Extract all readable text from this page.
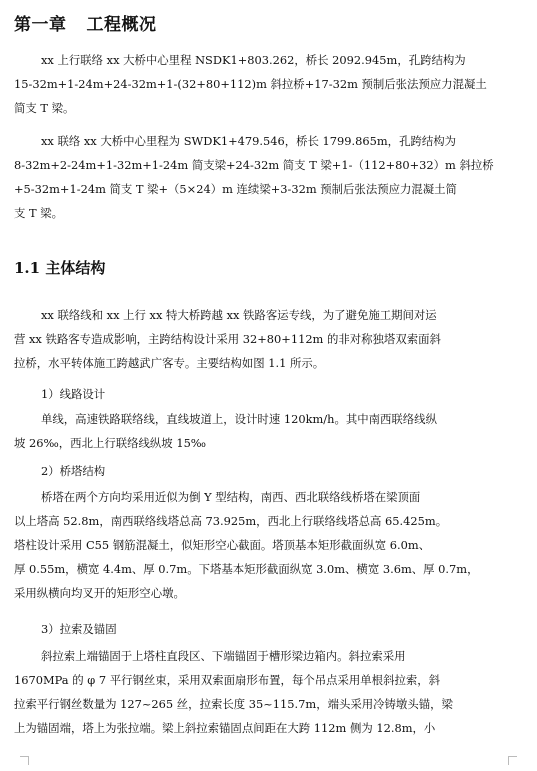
第一章 工程概况
xx 上行联络 xx 大桥中心里程 NSDK1+803.262，桥长 2092.945m，孔跨结构为
15-32m+1-24m+24-32m+1-(32+80+112)m 斜拉桥+17-32m 预制后张法预应力混凝土
简支 T 梁。
xx 联络 xx 大桥中心里程为 SWDK1+479.546，桥长 1799.865m，孔跨结构为
8-32m+2-24m+1-32m+1-24m 简支梁+24-32m 简支 T 梁+1-（112+80+32）m 斜拉桥
+5-32m+1-24m 简支 T 梁+（5×24）m 连续梁+3-32m 预制后张法预应力混凝土简
支 T 梁。
1.1 主体结构
xx 联络线和 xx 上行 xx 特大桥跨越 xx 铁路客运专线，为了避免施工期间对运
营 xx 铁路客专造成影响，主跨结构设计采用 32+80+112m 的非对称独塔双索面斜
拉桥，水平转体施工跨越武广客专。主要结构如图 1.1 所示。
1）线路设计
单线，高速铁路联络线，直线坡道上，设计时速 120km/h。其中南西联络线纵
坡 26‰，西北上行联络线纵坡 15‰
2）桥塔结构
桥塔在两个方向均采用近似为倒 Y 型结构，南西、西北联络线桥塔在梁顶面
以上塔高 52.8m，南西联络线塔总高 73.925m，西北上行联络线塔总高 65.425m。
塔柱设计采用 C55 钢筋混凝土，似矩形空心截面。塔顶基本矩形截面纵宽 6.0m、
厚 0.55m，横宽 4.4m、厚 0.7m。下塔基本矩形截面纵宽 3.0m、横宽 3.6m、厚 0.7m，
采用纵横向均叉开的矩形空心墩。
3）拉索及锚固
斜拉索上端锚固于上塔柱直段区、下端锚固于槽形梁边箱内。斜拉索采用
1670MPa 的 φ 7 平行钢丝束，采用双索面扇形布置，每个吊点采用单根斜拉索，斜
拉索平行钢丝数量为 127~265 丝，拉索长度 35~115.7m，端头采用冷铸墩头锚，梁
上为锚固端，塔上为张拉端。梁上斜拉索锚固点间距在大跨 112m 侧为 12.8m，小
